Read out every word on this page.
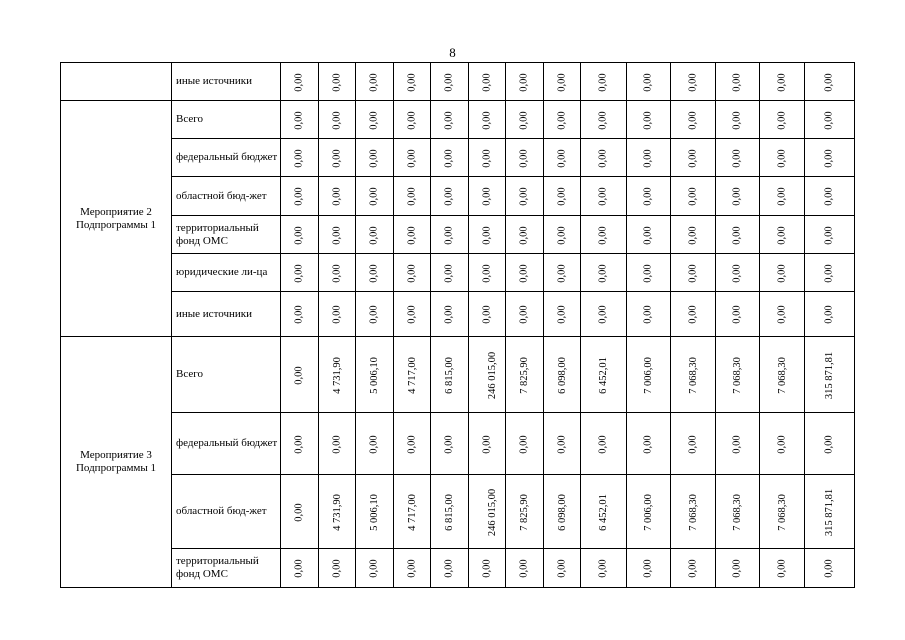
8
	иные источники	0,00	0,00	0,00	0,00	0,00	0,00	0,00	0,00	0,00	0,00	0,00	0,00	0,00	0,00
Мероприятие 2 Подпрограммы 1	Всего	0,00	0,00	0,00	0,00	0,00	0,00	0,00	0,00	0,00	0,00	0,00	0,00	0,00	0,00
	федеральный бюджет	0,00	0,00	0,00	0,00	0,00	0,00	0,00	0,00	0,00	0,00	0,00	0,00	0,00	0,00
	областной бюд-жет	0,00	0,00	0,00	0,00	0,00	0,00	0,00	0,00	0,00	0,00	0,00	0,00	0,00	0,00
	территориальный фонд ОМС	0,00	0,00	0,00	0,00	0,00	0,00	0,00	0,00	0,00	0,00	0,00	0,00	0,00	0,00
	юридические ли-ца	0,00	0,00	0,00	0,00	0,00	0,00	0,00	0,00	0,00	0,00	0,00	0,00	0,00	0,00
	иные источники	0,00	0,00	0,00	0,00	0,00	0,00	0,00	0,00	0,00	0,00	0,00	0,00	0,00	0,00
Мероприятие 3 Подпрограммы 1	Всего	0,00	4 731,90	5 006,10	4 717,00	6 815,00	246 015,00	7 825,90	6 098,00	6 452,01	7 006,00	7 068,30	7 068,30	7 068,30	315 871,81
	федеральный бюджет	0,00	0,00	0,00	0,00	0,00	0,00	0,00	0,00	0,00	0,00	0,00	0,00	0,00	0,00
	областной бюд-жет	0,00	4 731,90	5 006,10	4 717,00	6 815,00	246 015,00	7 825,90	6 098,00	6 452,01	7 006,00	7 068,30	7 068,30	7 068,30	315 871,81
	территориальный фонд ОМС	0,00	0,00	0,00	0,00	0,00	0,00	0,00	0,00	0,00	0,00	0,00	0,00	0,00	0,00
